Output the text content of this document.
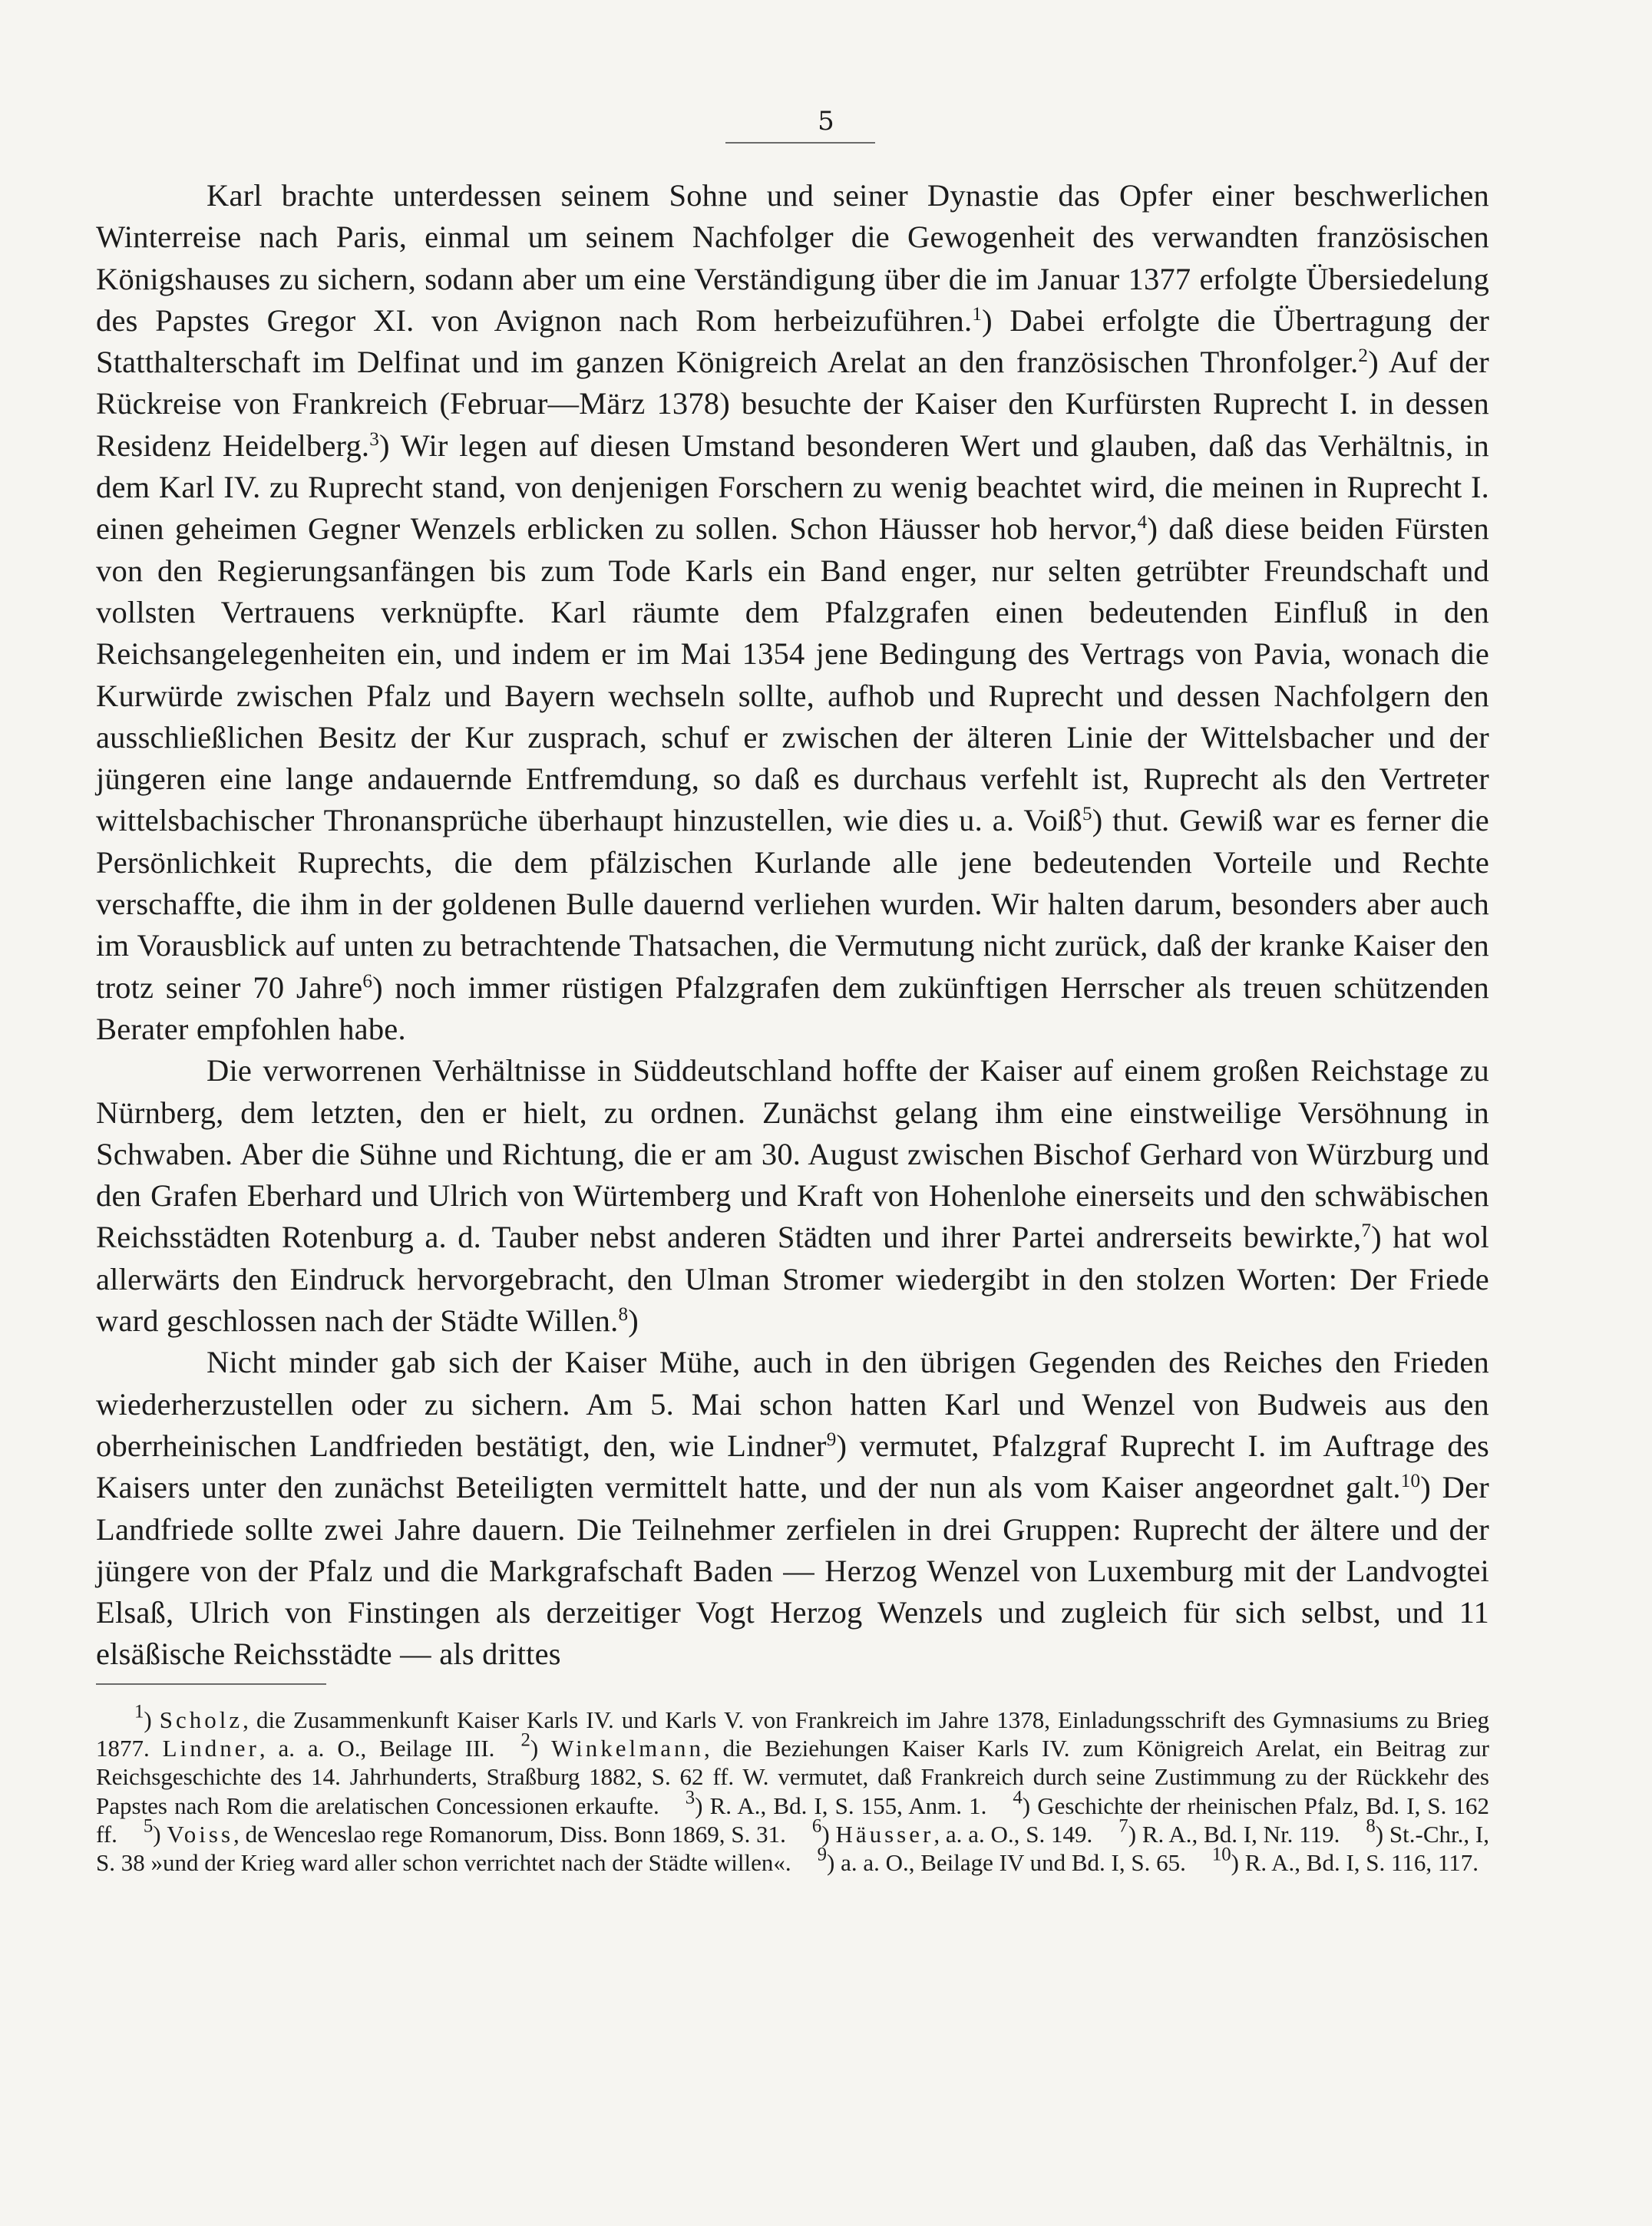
5

Karl brachte unterdessen seinem Sohne und seiner Dynastie das Opfer einer beschwerlichen Winterreise nach Paris, einmal um seinem Nachfolger die Gewogenheit des verwandten französischen Königshauses zu sichern, sodann aber um eine Verständigung über die im Januar 1377 erfolgte Übersiedelung des Papstes Gregor XI. von Avignon nach Rom herbeizuführen.$^1$) Dabei erfolgte die Übertragung der Statthalterschaft im Delfinat und im ganzen Königreich Arelat an den französischen Thronfolger.$^2$) Auf der Rückreise von Frankreich (Februar—März 1378) besuchte der Kaiser den Kurfürsten Ruprecht I. in dessen Residenz Heidelberg.$^3$) Wir legen auf diesen Umstand besonderen Wert und glauben, daß das Verhältnis, in dem Karl IV. zu Ruprecht stand, von denjenigen Forschern zu wenig beachtet wird, die meinen in Ruprecht I. einen geheimen Gegner Wenzels erblicken zu sollen. Schon Häusser hob hervor,$^4$) daß diese beiden Fürsten von den Regierungsanfängen bis zum Tode Karls ein Band enger, nur selten getrübter Freundschaft und vollsten Vertrauens verknüpfte. Karl räumte dem Pfalzgrafen einen bedeutenden Einfluß in den Reichsangelegenheiten ein, und indem er im Mai 1354 jene Bedingung des Vertrags von Pavia, wonach die Kurwürde zwischen Pfalz und Bayern wechseln sollte, aufhob und Ruprecht und dessen Nachfolgern den ausschließlichen Besitz der Kur zusprach, schuf er zwischen der älteren Linie der Wittelsbacher und der jüngeren eine lange andauernde Entfremdung, so daß es durchaus verfehlt ist, Ruprecht als den Vertreter wittelsbachischer Thronansprüche überhaupt hinzustellen, wie dies u. a. Voiß$^5$) thut. Gewiß war es ferner die Persönlichkeit Ruprechts, die dem pfälzischen Kurlande alle jene bedeutenden Vorteile und Rechte verschaffte, die ihm in der goldenen Bulle dauernd verliehen wurden. Wir halten darum, besonders aber auch im Vorausblick auf unten zu betrachtende Thatsachen, die Vermutung nicht zurück, daß der kranke Kaiser den trotz seiner 70 Jahre$^6$) noch immer rüstigen Pfalzgrafen dem zukünftigen Herrscher als treuen schützenden Berater empfohlen habe.

Die verworrenen Verhältnisse in Süddeutschland hoffte der Kaiser auf einem großen Reichstage zu Nürnberg, dem letzten, den er hielt, zu ordnen. Zunächst gelang ihm eine einstweilige Versöhnung in Schwaben. Aber die Sühne und Richtung, die er am 30. August zwischen Bischof Gerhard von Würzburg und den Grafen Eberhard und Ulrich von Würtemberg und Kraft von Hohenlohe einerseits und den schwäbischen Reichsstädten Rotenburg a. d. Tauber nebst anderen Städten und ihrer Partei andrerseits bewirkte,$^7$) hat wol allerwärts den Eindruck hervorgebracht, den Ulman Stromer wiedergibt in den stolzen Worten: Der Friede ward geschlossen nach der Städte Willen.$^8$)

Nicht minder gab sich der Kaiser Mühe, auch in den übrigen Gegenden des Reiches den Frieden wiederherzustellen oder zu sichern. Am 5. Mai schon hatten Karl und Wenzel von Budweis aus den oberrheinischen Landfrieden bestätigt, den, wie Lindner$^9$) vermutet, Pfalzgraf Ruprecht I. im Auftrage des Kaisers unter den zunächst Beteiligten vermittelt hatte, und der nun als vom Kaiser angeordnet galt.$^{10}$) Der Landfriede sollte zwei Jahre dauern. Die Teilnehmer zerfielen in drei Gruppen: Ruprecht der ältere und der jüngere von der Pfalz und die Markgrafschaft Baden — Herzog Wenzel von Luxemburg mit der Landvogtei Elsaß, Ulrich von Finstingen als derzeitiger Vogt Herzog Wenzels und zugleich für sich selbst, und 11 elsäßische Reichsstädte — als drittes

$^1$) Scholz, die Zusammenkunft Kaiser Karls IV. und Karls V. von Frankreich im Jahre 1378, Einladungsschrift des Gymnasiums zu Brieg 1877. Lindner, a. a. O., Beilage III. $^2$) Winkelmann, die Beziehungen Kaiser Karls IV. zum Königreich Arelat, ein Beitrag zur Reichsgeschichte des 14. Jahrhunderts, Straßburg 1882, S. 62 ff. W. vermutet, daß Frankreich durch seine Zustimmung zu der Rückkehr des Papstes nach Rom die arelatischen Concessionen erkaufte. $^3$) R. A., Bd. I, S. 155, Anm. 1. $^4$) Geschichte der rheinischen Pfalz, Bd. I, S. 162 ff. $^5$) Voiss, de Wenceslao rege Romanorum, Diss. Bonn 1869, S. 31. $^6$) Häusser, a. a. O., S. 149. $^7$) R. A., Bd. I, Nr. 119. $^8$) St.-Chr., I, S. 38 »und der Krieg ward aller schon verrichtet nach der Städte willen«. $^9$) a. a. O., Beilage IV und Bd. I, S. 65. $^{10}$) R. A., Bd. I, S. 116, 117.
